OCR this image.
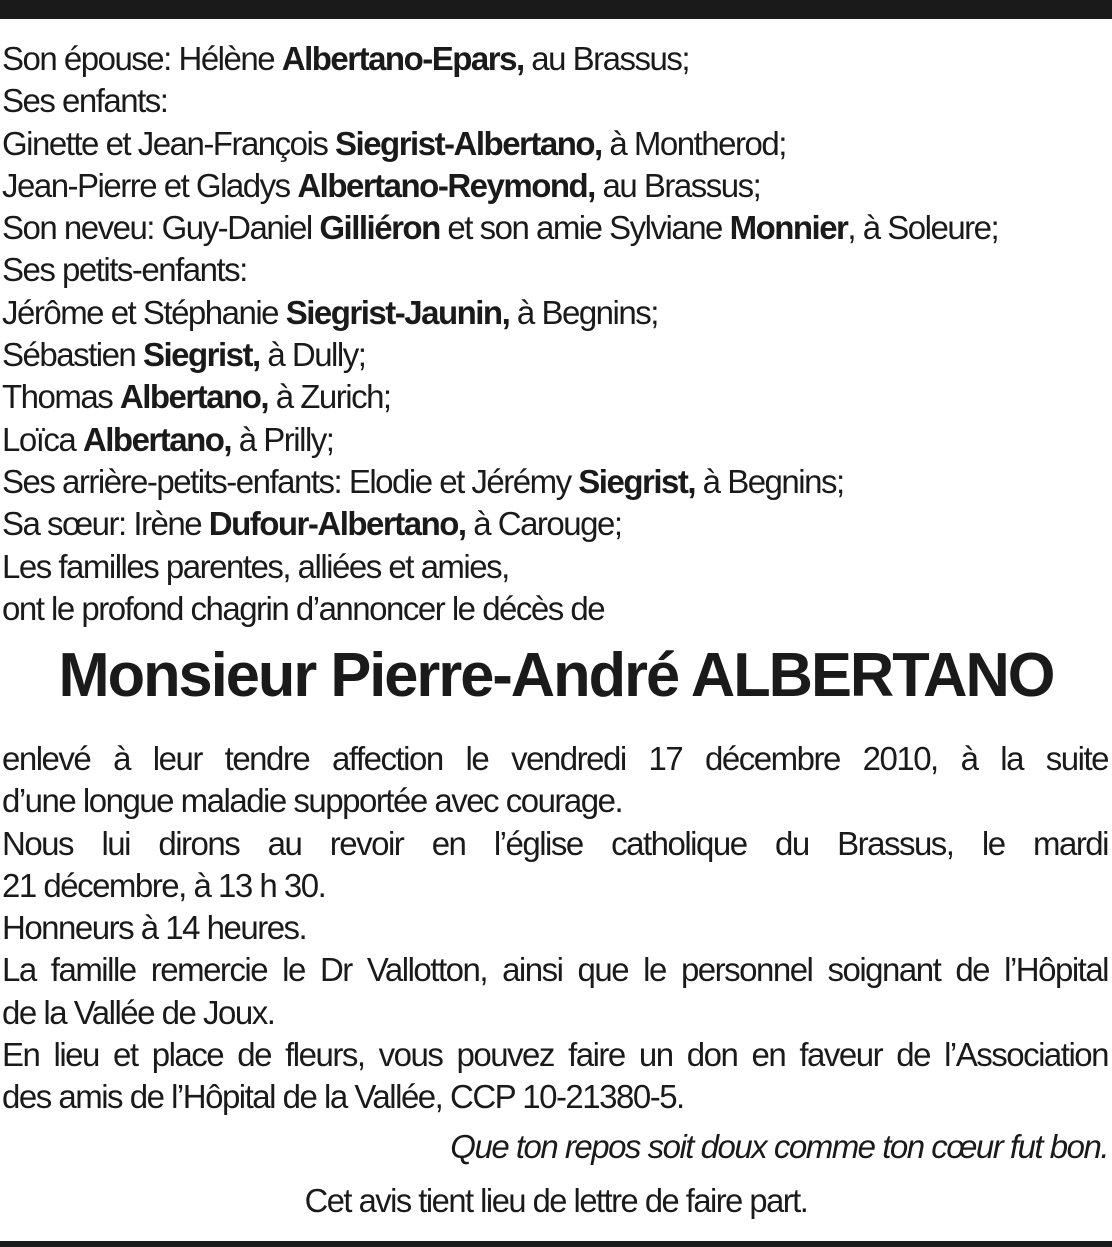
Son épouse: Hélène Albertano-Epars, au Brassus;
Ses enfants:
Ginette et Jean-François Siegrist-Albertano, à Montherod;
Jean-Pierre et Gladys Albertano-Reymond, au Brassus;
Son neveu: Guy-Daniel Gilliéron et son amie Sylviane Monnier, à Soleure;
Ses petits-enfants:
Jérôme et Stéphanie Siegrist-Jaunin, à Begnins;
Sébastien Siegrist, à Dully;
Thomas Albertano, à Zurich;
Loïca Albertano, à Prilly;
Ses arrière-petits-enfants: Elodie et Jérémy Siegrist, à Begnins;
Sa sœur: Irène Dufour-Albertano, à Carouge;
Les familles parentes, alliées et amies,
ont le profond chagrin d’annoncer le décès de
Monsieur Pierre-André ALBERTANO
enlevé à leur tendre affection le vendredi 17 décembre 2010, à la suite
d’une longue maladie supportée avec courage.
Nous lui dirons au revoir en l’église catholique du Brassus, le mardi
21 décembre, à 13 h 30.
Honneurs à 14 heures.
La famille remercie le Dr Vallotton, ainsi que le personnel soignant de l’Hôpital
de la Vallée de Joux.
En lieu et place de fleurs, vous pouvez faire un don en faveur de l’Association
des amis de l’Hôpital de la Vallée, CCP 10-21380-5.
Que ton repos soit doux comme ton cœur fut bon.
Cet avis tient lieu de lettre de faire part.
